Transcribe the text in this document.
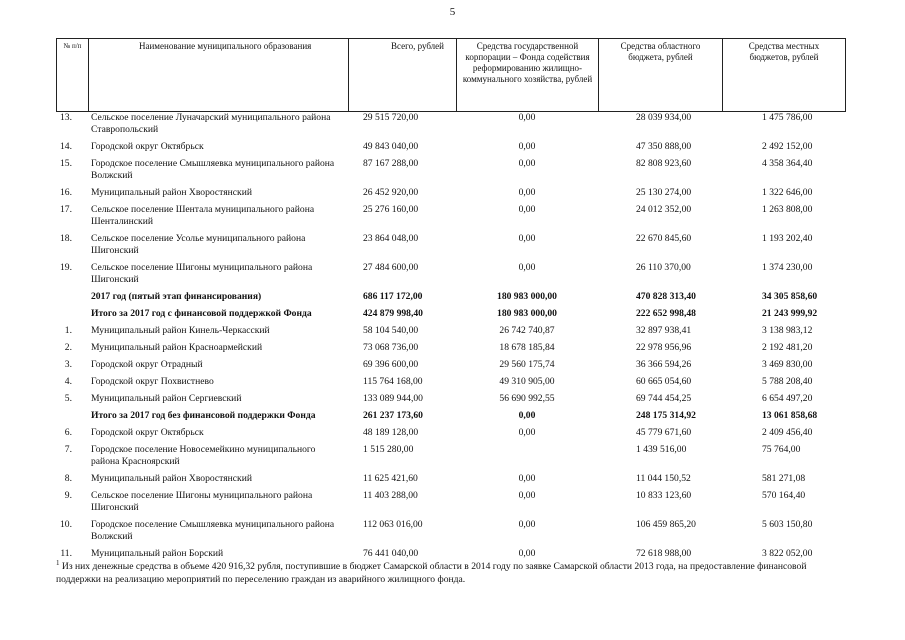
5
№ п/п	Наименование муниципального образования	Всего, рублей	Средства государственной корпорации – Фонда содействия реформированию жилищно-коммунального хозяйства, рублей	Средства областного бюджета, рублей	Средства местных бюджетов, рублей
13.	Сельское поселение Луначарский муниципального района Ставропольский	29 515 720,00	0,00	28 039 934,00	1 475 786,00
14.	Городской округ Октябрьск	49 843 040,00	0,00	47 350 888,00	2 492 152,00
15.	Городское поселение Смышляевка муниципального района Волжский	87 167 288,00	0,00	82 808 923,60	4 358 364,40
16.	Муниципальный район Хворостянский	26 452 920,00	0,00	25 130 274,00	1 322 646,00
17.	Сельское поселение Шентала муниципального района Шенталинский	25 276 160,00	0,00	24 012 352,00	1 263 808,00
18.	Сельское поселение Усолье муниципального района Шигонский	23 864 048,00	0,00	22 670 845,60	1 193 202,40
19.	Сельское поселение Шигоны муниципального района Шигонский	27 484 600,00	0,00	26 110 370,00	1 374 230,00
	2017 год (пятый этап финансирования)	686 117 172,00	180 983 000,00	470 828 313,40	34 305 858,60
	Итого за 2017 год с финансовой поддержкой Фонда	424 879 998,40	180 983 000,00	222 652 998,48	21 243 999,92
1.	Муниципальный район Кинель-Черкасский	58 104 540,00	26 742 740,87	32 897 938,41	3 138 983,12
2.	Муниципальный район Красноармейский	73 068 736,00	18 678 185,84	22 978 956,96	2 192 481,20
3.	Городской округ Отрадный	69 396 600,00	29 560 175,74	36 366 594,26	3 469 830,00
4.	Городской округ Похвистнево	115 764 168,00	49 310 905,00	60 665 054,60	5 788 208,40
5.	Муниципальный район Сергиевский	133 089 944,00	56 690 992,55	69 744 454,25	6 654 497,20
	Итого за 2017 год без финансовой поддержки Фонда	261 237 173,60	0,00	248 175 314,92	13 061 858,68
6.	Городской округ Октябрьск	48 189 128,00	0,00	45 779 671,60	2 409 456,40
7.	Городское поселение Новосемейкино муниципального района Красноярский	1 515 280,00		1 439 516,00	75 764,00
8.	Муниципальный район Хворостянский	11 625 421,60	0,00	11 044 150,52	581 271,08
9.	Сельское поселение Шигоны муниципального района Шигонский	11 403 288,00	0,00	10 833 123,60	570 164,40
10.	Городское поселение Смышляевка муниципального района Волжский	112 063 016,00	0,00	106 459 865,20	5 603 150,80
11.	Муниципальный район Борский	76 441 040,00	0,00	72 618 988,00	3 822 052,00
$^1$ Из них денежные средства в объеме 420 916,32 рубля, поступившие в бюджет Самарской области в 2014 году по заявке Самарской области 2013 года, на предоставление финансовой поддержки на реализацию мероприятий по переселению граждан из аварийного жилищного фонда.
